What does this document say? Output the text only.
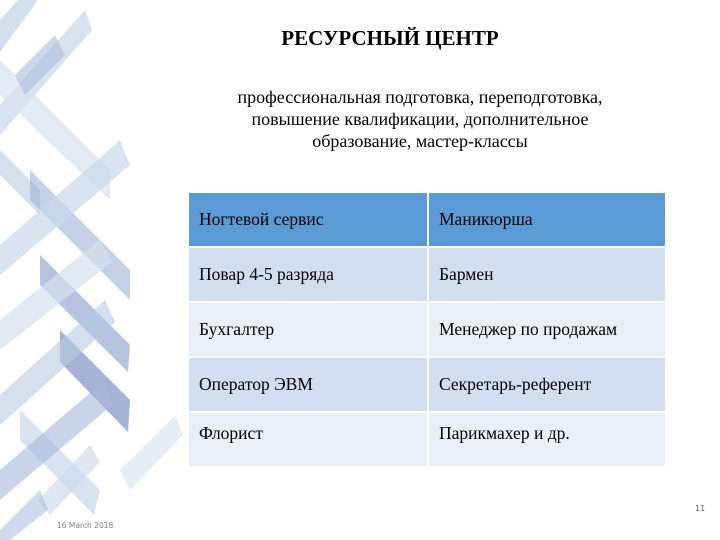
РЕСУРСНЫЙ ЦЕНТР
профессиональная подготовка, переподготовка,
повышение квалификации, дополнительное
образование, мастер-классы
Ногтевой сервис	Маникюрша
Повар 4-5 разряда	Бармен
Бухгалтер	Менеджер по продажам
Оператор ЭВМ	Секретарь-референт
Флорист	Парикмахер и др.
16 March 2018
11
